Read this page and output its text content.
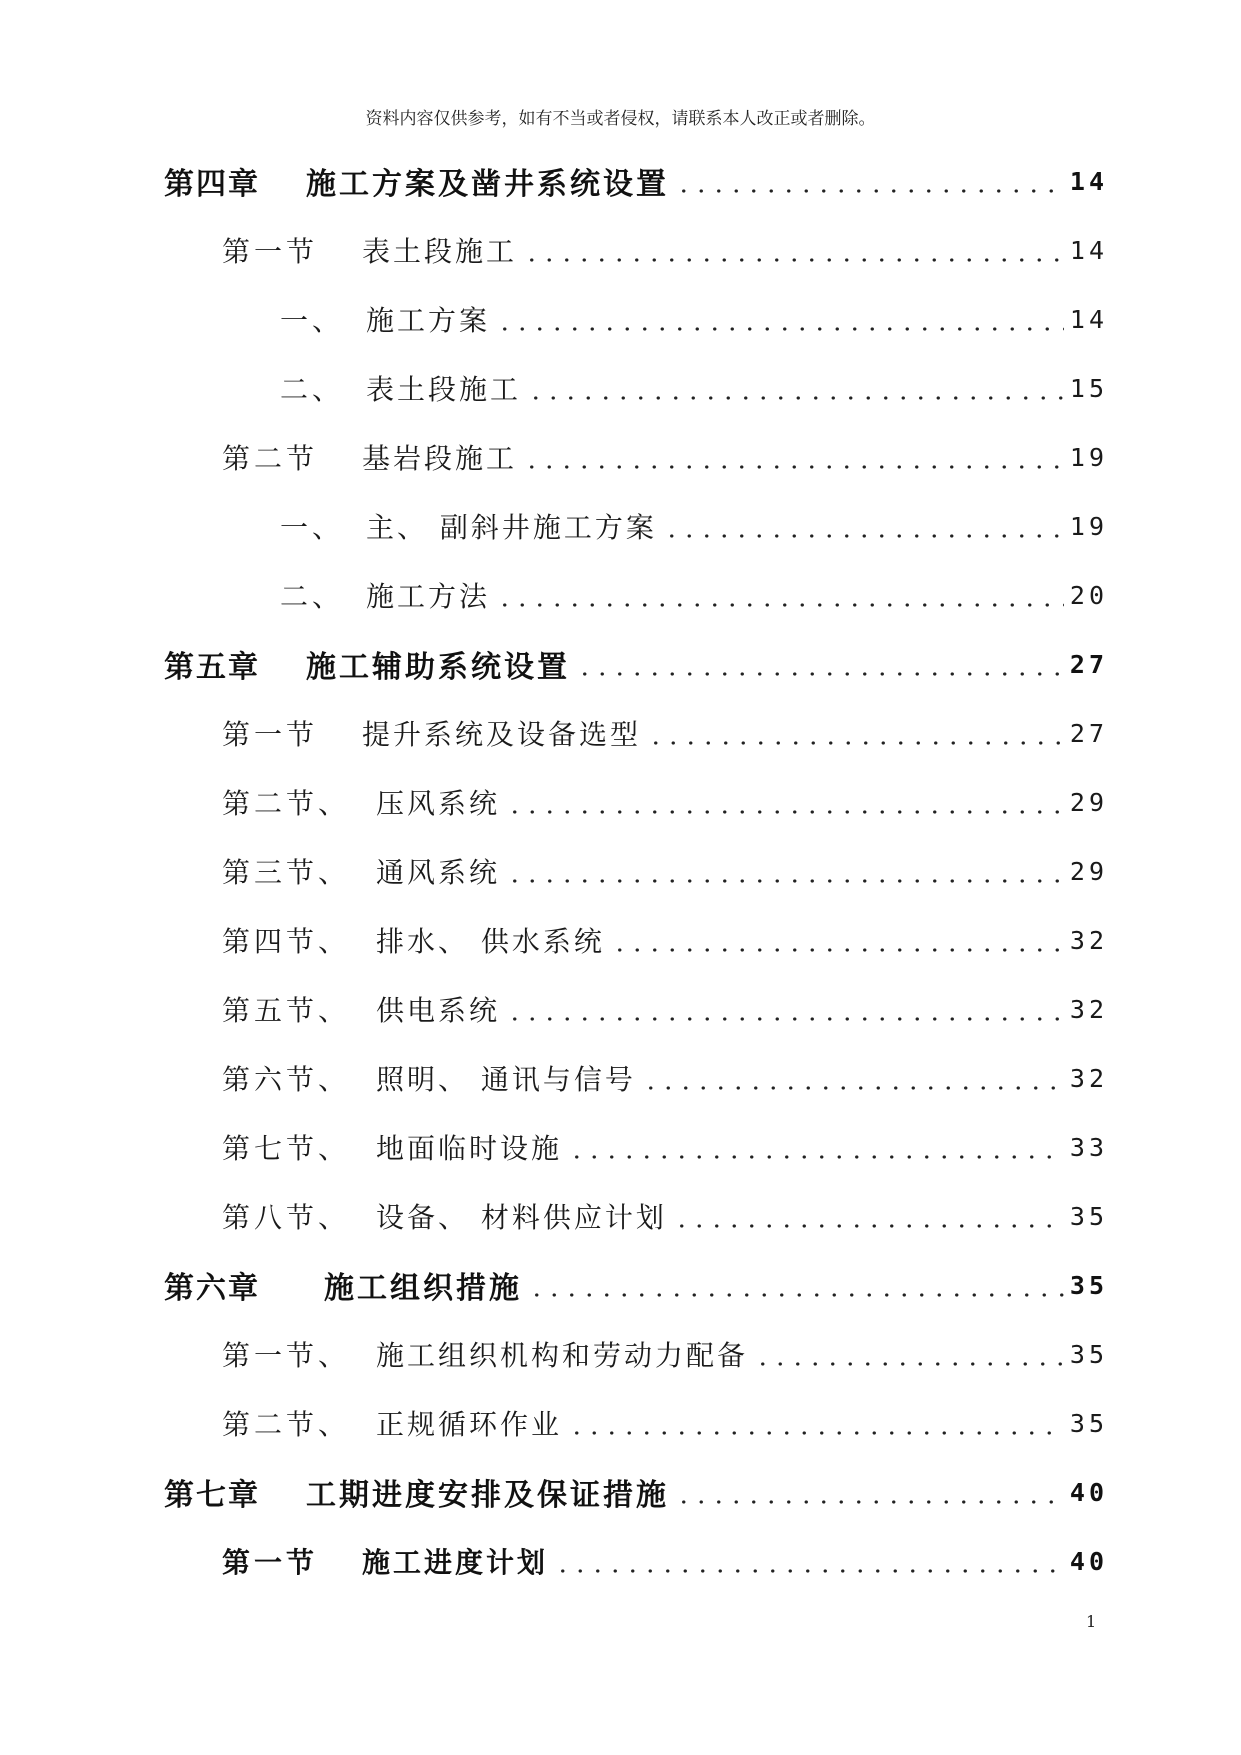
资料内容仅供参考，如有不当或者侵权，请联系本人改正或者删除。
第四章	施工方案及凿井系统设置	14
第一节	表土段施工	14
一、 施工方案	14
二、 表土段施工	15
第二节	基岩段施工	19
一、 主、 副斜井施工方案	19
二、 施工方法	20
第五章	施工辅助系统设置	27
第一节	提升系统及设备选型	27
第二节、 压风系统	29
第三节、 通风系统	29
第四节、 排水、 供水系统	32
第五节、 供电系统	32
第六节、 照明、 通讯与信号	32
第七节、 地面临时设施	33
第八节、 设备、 材料供应计划	35
第六章	施工组织措施	35
第一节、 施工组织机构和劳动力配备	35
第二节、 正规循环作业	35
第七章	工期进度安排及保证措施	40
第一节	施工进度计划	40
1
